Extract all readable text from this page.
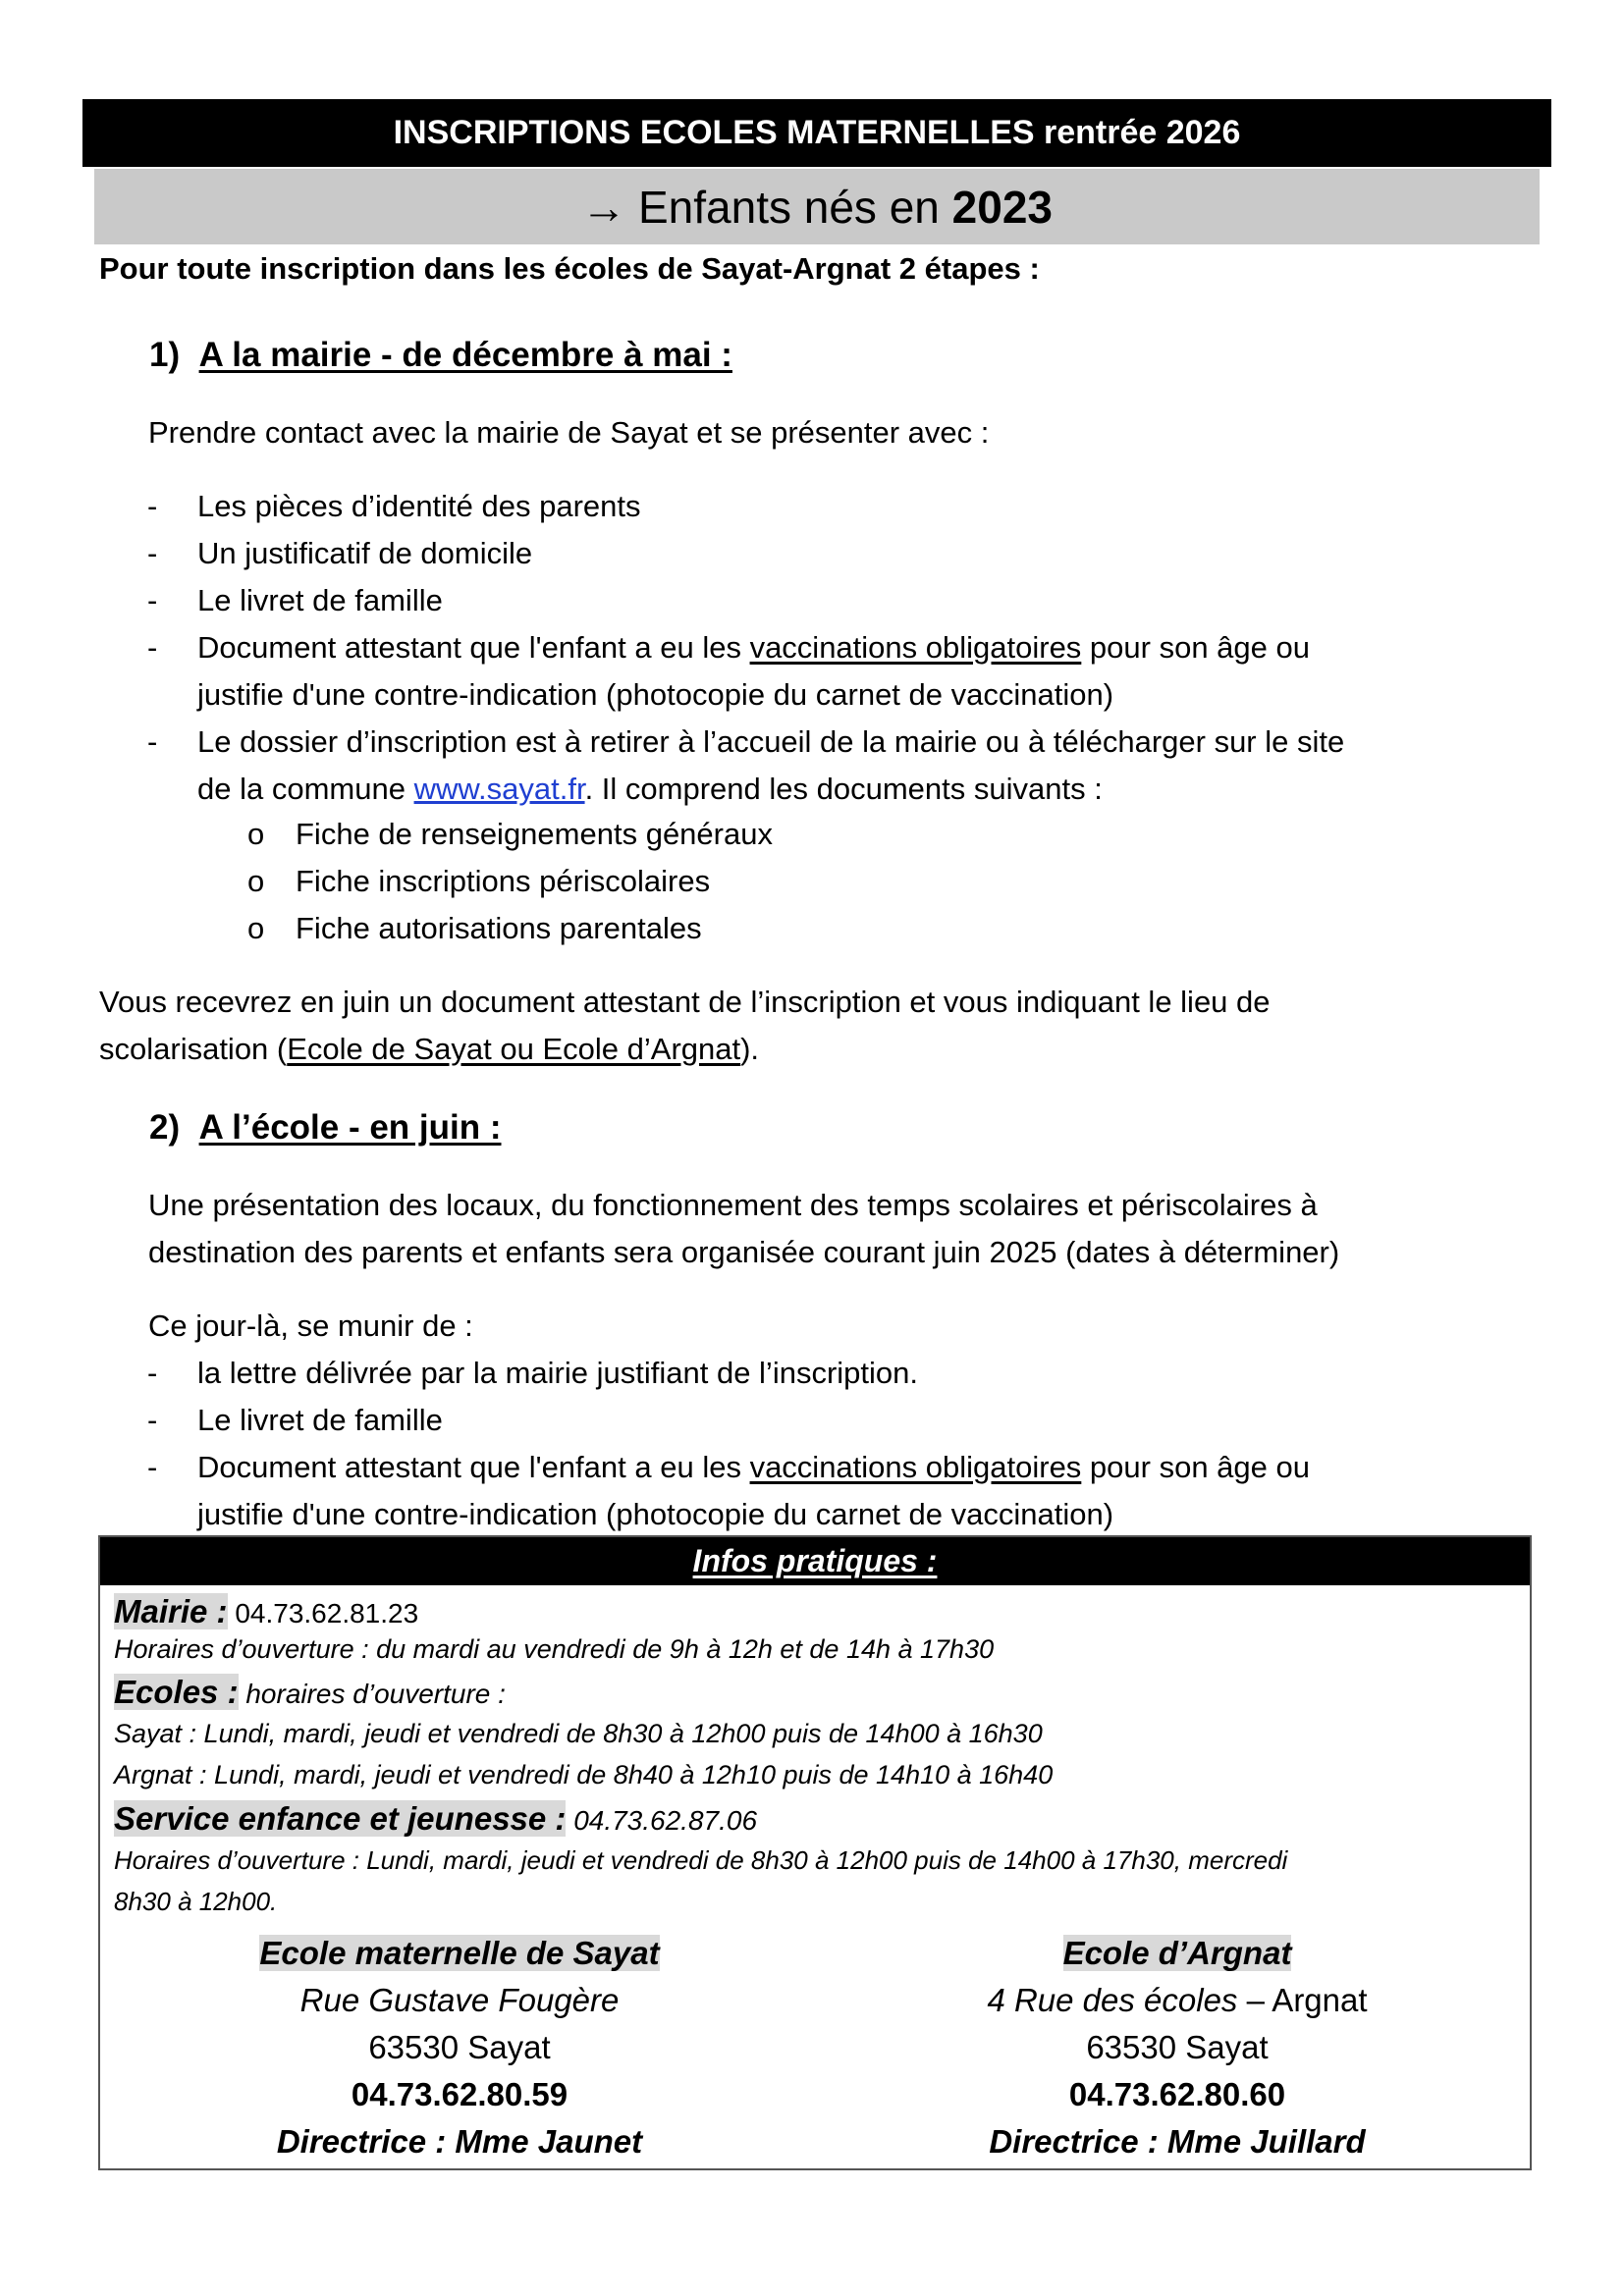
INSCRIPTIONS ECOLES MATERNELLES rentrée 2026
→ Enfants nés en
2023
Pour toute inscription dans les écoles de Sayat-Argnat 2 étapes :
1) A la mairie - de décembre à mai :
Prendre contact avec la mairie de Sayat et se présenter avec :
- Les pièces d’identité des parents
- Un justificatif de domicile
- Le livret de famille
- Document attestant que l'enfant a eu les vaccinations obligatoires pour son âge ou
justifie d'une contre-indication (photocopie du carnet de vaccination)
- Le dossier d’inscription est à retirer à l’accueil de la mairie ou à télécharger sur le site
de la commune www.sayat.fr. Il comprend les documents suivants :
o Fiche de renseignements généraux
o Fiche inscriptions périscolaires
o Fiche autorisations parentales
Vous recevrez en juin un document attestant de l’inscription et vous indiquant le lieu de
scolarisation (Ecole de Sayat ou Ecole d’Argnat).
2) A l’école - en juin :
Une présentation des locaux, du fonctionnement des temps scolaires et périscolaires à
destination des parents et enfants sera organisée courant juin 2025 (dates à déterminer)
Ce jour-là, se munir de :
- la lettre délivrée par la mairie justifiant de l’inscription.
- Le livret de famille
- Document attestant que l'enfant a eu les vaccinations obligatoires pour son âge ou
justifie d'une contre-indication (photocopie du carnet de vaccination)
Infos pratiques :
Mairie : 04.73.62.81.23
Horaires d’ouverture : du mardi au vendredi de 9h à 12h et de 14h à 17h30
Ecoles : horaires d’ouverture :
Sayat : Lundi, mardi, jeudi et vendredi de 8h30 à 12h00 puis de 14h00 à 16h30
Argnat : Lundi, mardi, jeudi et vendredi de 8h40 à 12h10 puis de 14h10 à 16h40
Service enfance et jeunesse : 04.73.62.87.06
Horaires d’ouverture : Lundi, mardi, jeudi et vendredi de 8h30 à 12h00 puis de 14h00 à 17h30, mercredi
8h30 à 12h00.
Ecole maternelle de Sayat
Rue Gustave Fougère
63530 Sayat
04.73.62.80.59
Directrice : Mme Jaunet
Ecole d’Argnat
4 Rue des écoles – Argnat
63530 Sayat
04.73.62.80.60
Directrice : Mme Juillard
